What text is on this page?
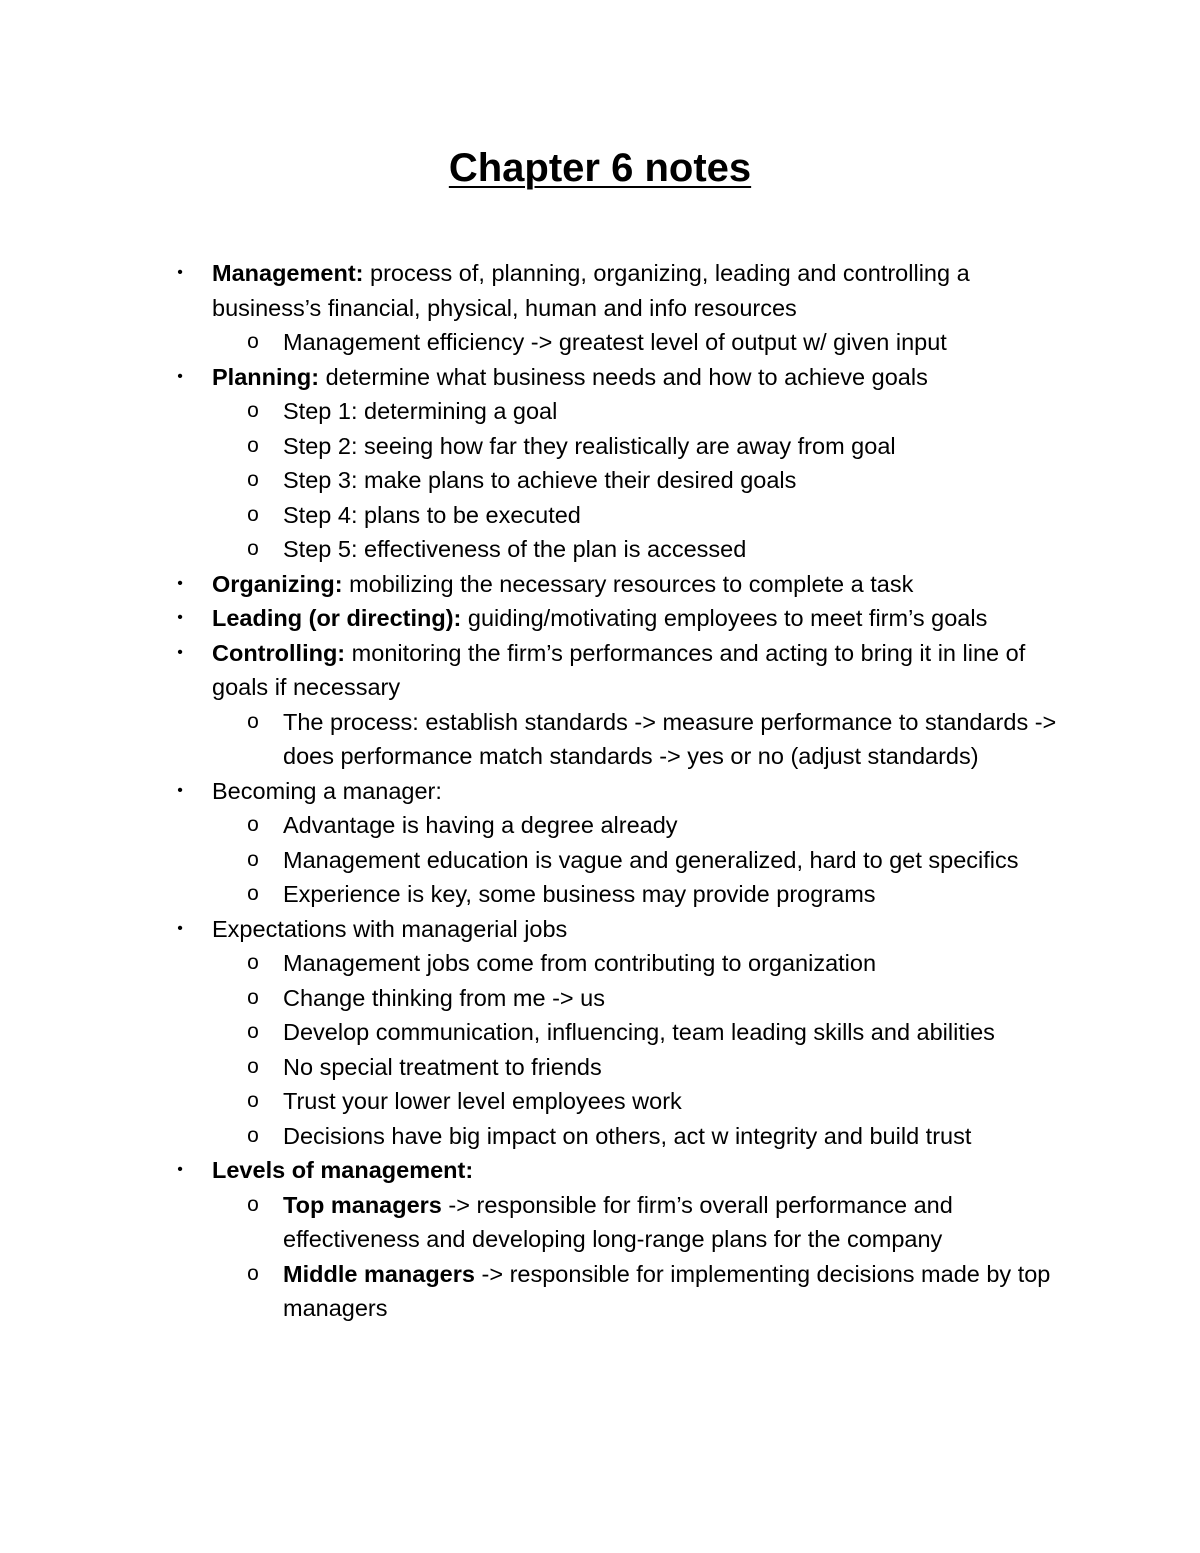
Chapter 6 notes
• Management: process of, planning, organizing, leading and controlling a business’s financial, physical, human and info resources
o Management efficiency -> greatest level of output w/ given input
• Planning: determine what business needs and how to achieve goals
o Step 1: determining a goal
o Step 2: seeing how far they realistically are away from goal
o Step 3: make plans to achieve their desired goals
o Step 4: plans to be executed
o Step 5: effectiveness of the plan is accessed
• Organizing: mobilizing the necessary resources to complete a task
• Leading (or directing): guiding/motivating employees to meet firm’s goals
• Controlling: monitoring the firm’s performances and acting to bring it in line of goals if necessary
o The process: establish standards -> measure performance to standards -> does performance match standards -> yes or no (adjust standards)
• Becoming a manager:
o Advantage is having a degree already
o Management education is vague and generalized, hard to get specifics
o Experience is key, some business may provide programs
• Expectations with managerial jobs
o Management jobs come from contributing to organization
o Change thinking from me -> us
o Develop communication, influencing, team leading skills and abilities
o No special treatment to friends
o Trust your lower level employees work
o Decisions have big impact on others, act w integrity and build trust
• Levels of management:
o Top managers -> responsible for firm’s overall performance and effectiveness and developing long-range plans for the company
o Middle managers -> responsible for implementing decisions made by top managers
